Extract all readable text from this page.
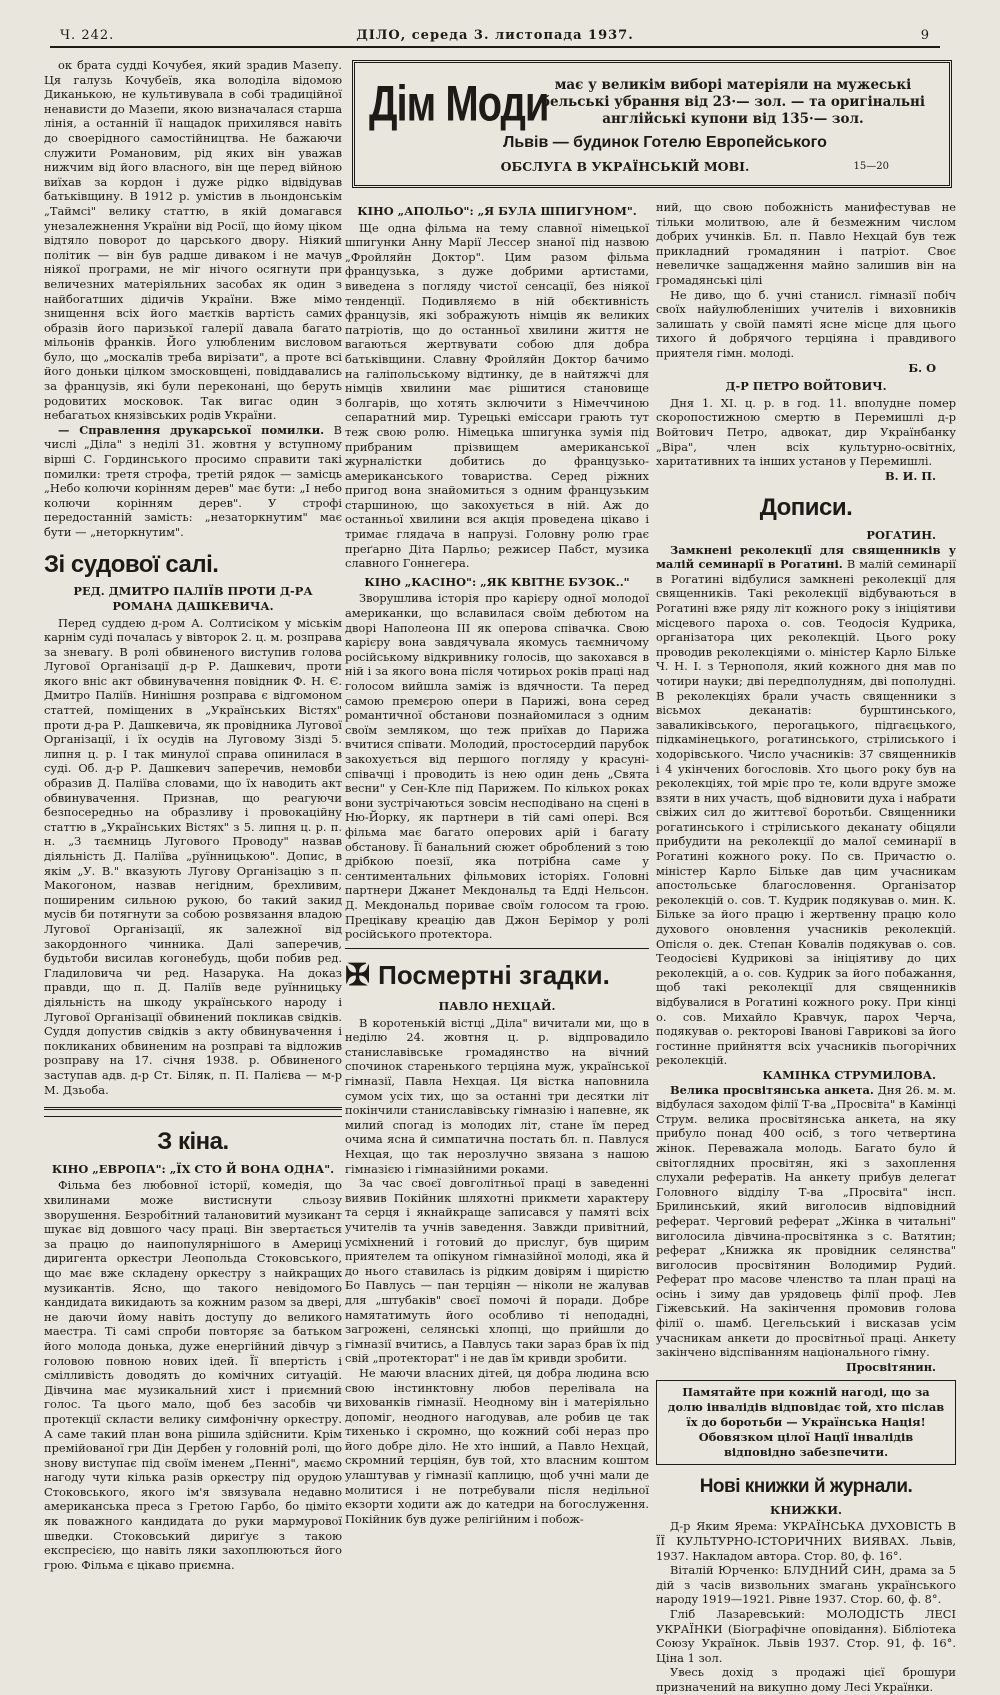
Ч. 242.	ДІЛО, середа 3. листопада 1937.	9
Дім Моди має у великім виборі матеріяли на мужеські бельські убрання від 23·— зол. — та оригінальні англійські купони від 135·— зол.
Львів — будинок Готелю Европейського
ОБСЛУГА В УКРАЇНСЬКІЙ МОВІ.	15—20

ок брата судді Кочубея, який зрадив Мазепу. Ця галузь Кочубеїв, яка володіла відомою Диканькою, не культивувала в собі традиційної ненависти до Мазепи, якою визначалася старша лінія, а останній її нащадок прихилявся навіть до своерідного самостійництва. Не бажаючи служити Романовим, рід яких він уважав нижчим від його власного, він ще перед війною виїхав за кордон і дуже рідко відвідував батьківщину. В 1912 р. умістив в льондонськім „Таймсі" велику статтю, в якій домагався унезалежнення України від Росії, що йому ціком відтяло поворот до царського двору. Ніякий політик — він був радше диваком і не мачув ніякої програми, не міг нічого осягнути при величезних матеріяльних засобах як один з найбогатших дідичів України. Вже мімо знищення всіх його маєтків вартість самих образів його паризької галерії давала багато мільонів франків. Його улюбленим висловом було, що „москалів треба вирізати", а проте всі його доньки цілком змосковщені, повіддавались за французів, які були переконані, що беруть родовитих московок. Так вигас один з небагатьох князівських родів України.

— Справлення друкарської помилки. В числі „Діла" з неділі 31. жовтня у вступному вірші С. Гординського просимо справити такі помилки: третя строфа, третій рядок — замісць „Небо колючи корінням дерев" має бути: „І небо колючи корінням дерев". У строфі передостанній замість: „незаторкнутим" має бути — „неторкнутим".

Зі судової салі.
РЕД. ДМИТРО ПАЛІЇВ ПРОТИ Д-РА РОМАНА ДАШКЕВИЧА.

Перед суддею д-ром А. Солтисіком у міськім карнім суді почалась у вівторок 2. ц. м. розправа за зневагу. В ролі обвиненого виступив голова Лугової Організації д-р Р. Дашкевич, проти якого вніс акт обвинувачення повідник Ф. Н. Є. Дмитро Паліїв. Нинішня розправа є відгомоном статтей, поміщених в „Українських Вістях" проти д-ра Р. Дашкевича, як провідника Лугової Організації, і їх осудів на Луговому Зізді 5. липня ц. р. І так минулої справа опинилася в суді. Об. д-р Р. Дашкевич заперечив, немовби образив Д. Паліїва словами, що їх наводить акт обвинувачення. Признав, що реагуючи безпосередньо на образливу і провокаційну статтю в „Українських Вістях" з 5. липня ц. р. п. н. „З таємниць Лугового Проводу" назвав діяльність Д. Паліїва „руїнницькою". Допис, в якім „У. В." вказують Лугову Організацію з п. Макогоном, назвав негідним, брехливим, поширеним сильною рукою, бо такий закид мусів би потягнути за собою розвязання владою Лугової Організації, як залежної від закордонного чинника. Далі заперечив, будьтоби висилав когонебудь, щоби побив ред. Гладиловича чи ред. Назарука. На доказ правди, що п. Д. Паліїв веде руїнницьку діяльність на шкоду українського народу і Лугової Організації обвинений покликав свідків. Суддя допустив свідків з акту обвинувачення і покликаних обвиненим на розправі та відложив розправу на 17. січня 1938. р. Обвиненого заступав адв. д-р Ст. Біляк, п. П. Палієва — м-р М. Дзьоба.

З кіна.
КІНО „ЕВРОПА": „ЇХ СТО Й ВОНА ОДНА".

Фільма без любовної історії, комедія, що хвилинами може вистиснути сльозу зворушення. Безробітний талановитий музикант шукає від довшого часу праці. Він звертається за працю до наипопулярнішого в Америці диригента оркестри Леопольда Стоковського, що має вже складену оркестру з найкращих музикантів. Ясно, що такого невідомого кандидата викидають за кожним разом за двері, не даючи йому навіть доступу до великого маестра. Ті самі спроби повторяє за батьком його молода донька, дуже енергійний дівчур з головою повною нових ідей. Її впертість і смілливість доводять до комічних ситуацій. Дівчина має музикальний хист і приємний голос. Та цього мало, щоб без засобів чи протекції скласти велику симфонічну оркестру. А саме такий план вона рішила здійснити. Крім премійованої гри Дін Дербен у головній ролі, що знову виступає під своїм іменем „Пенні", маємо нагоду чути кілька разів оркестру під орудою Стоковського, якого ім'я звязувала недавно американська преса з Гретою Гарбо, бо ціміто як поважного кандидата до руки мармурової шведки. Стоковський дириґує з такою експресією, що навіть ляки захоплюються його грою. Фільма є цікаво приємна.

КІНО „АПОЛЬО": „Я БУЛА ШПИГУНОМ".

Ще одна фільма на тему славної німецької шпигунки Анну Марії Лессер знаної під назвою „Фройляйн Доктор". Цим разом фільма французька, з дуже добрими артистами, виведена з погляду чистої сенсації, без ніякої тенденції. Подивляємо в ній обєктивність французів, які зображують німців як великих патріотів, що до останньої хвилини життя не вагаються жертвувати собою для добра батьківщини. Славну Фройляйн Доктор бачимо на галіпольському відтинку, де в найтяжчі для німців хвилини має рішитися становище болгарів, що хотять зключити з Німеччиною сепаратний мир. Турецькі еміссари грають тут теж свою ролю. Німецька шпигунка зумія під прибраним прізвищем американської журналістки добитись до французько-американського товариства. Серед ріжних пригод вона знайомиться з одним французьким старшиною, що закохується в ній. Аж до останньої хвилини вся акція проведена цікаво і тримає глядача в напрузі. Головну ролю грає преґарно Діта Парльо; режисер Пабст, музика славного Гоннегера.

КІНО „КАСІНО": „ЯК КВІТНЕ БУЗОК.."

Зворушлива історія про карієру одної молодої американки, що вславилася своїм дебютом на дворі Наполеона ІІІ як оперова співачка. Свою карієру вона завдячувала якомусь таємничому російському відкривнику голосів, що закохався в ній і за якого вона після чотирьох років праці над голосом вийшла заміж із вдячности. Та перед самою премєрою опери в Парижі, вона серед романтичної обстанови познайомилася з одним своїм земляком, що теж приїхав до Парижа вчитися співати. Молодий, простосердий парубок закохується від першого погляду у красуні-співачці і проводить із нею один день „Свята весни" у Сен-Кле під Парижем. По кількох роках вони зустрічаються зовсім несподівано на сцені в Ню-Йорку, як партнери в тій самі опері. Вся фільма має багато оперових арій і багату обстанову. Її банальний сюжет оброблений з тою дрібкою поезії, яка потрібна саме у сентиментальних фільмових історіях. Головні партнери Джанет Мекдональд та Едді Нельсон. Д. Мекдональд поривае своїм голосом та грою. Прецікаву креацію дав Джон Берімор у ролі російського протектора.

✠ Посмертні згадки.
ПАВЛО НЕХЦАЙ.

В коротенькій вістці „Діла" вичитали ми, що в неділю 24. жовтня ц. р. відпровадило станиславівське громадянство на вічний спочинок старенького терціяна муж, української гімназії, Павла Нехцая. Ця вістка наповнила сумом усіх тих, що за останні три десятки літ покінчили станиславівську гімназію і напевне, як милий спогад із молодих літ, стане їм перед очима ясна й симпатична постать бл. п. Павлуся Нехцая, що так нерозлучно звязана з нашою гімназією і гімназійними роками.

За час своєї довголітньої праці в заведенні виявив Покійник шляхотні прикмети характеру та серця і якнайкраще записався у памяті всіх учителів та учнів заведення. Завжди привітний, усміхнений і готовий до прислуг, був щирим приятелем та опікуном гімназійної молоді, яка й до нього ставилась із рідким довірям і щирістю Бо Павлусь — пан терціян — ніколи не жалував для „штубаків" своєї помочі й поради. Добре намятатимуть його особливо ті неподадні, загрожені, селянські хлопці, що прийшли до гімназії вчитись, а Павлусь таки зараз брав їх під свій „протекторат" і не дав їм кривди зробити.

Не маючи власних дітей, ця добра людина всю свою інстинктовну любов перелівала на вихованків гімназії. Неодному він і матеріяльно допоміг, неодного нагодував, але робив це так тихенько і скромно, що кожний собі нераз про його добре діло. Не хто інший, а Павло Нехцай, скромний терціян, був той, хто власним коштом улаштував у гімназії каплицю, щоб учні мали де молитися і не потребували після недільної екзорти ходити аж до катедри на богослуження. Покійник був дуже релігійним і побож-

ний, що свою побожність манифестував не тільки молитвою, але й безмежним числом добрих учинків. Бл. п. Павло Нехцай був теж прикладний громадянин і патріот. Своє невеличке защадження майно залишив він на громадянські цілі

Не диво, що б. учні станисл. гімназії побіч своїх найулюбленіших учителів і виховників залишать у своїй памяті ясне місце для цього тихого й добрячого терціяна і правдивого приятеля гімн. молоді.

Б. О
Д-Р ПЕТРО ВОЙТОВИЧ.

Дня 1. XI. ц. р. в год. 11. вполудне помер скоропостижною смертю в Перемишлі д-р Войтович Петро, адвокат, дир Українбанку „Віра", член всіх культурно-освітніх, харитативних та інших установ у Перемишлі.

В. И. П.
Дописи.
РОГАТИН.

Замкнені реколекції для священників у малій семинарії в Рогатині. В малій семинарії в Рогатині відбулися замкнені реколекції для священників. Такі реколекції відбуваються в Рогатині вже ряду літ кожного року з ініціятиви місцевого пароха о. сов. Теодосія Кудрика, організатора цих реколекцій. Цього року проводив реколекціями о. міністер Карло Більке Ч. Н. І. з Тернополя, який кожного дня мав по чотири науки; дві передполудням, дві пополудні. В реколекціях брали участь священники з вісьмох деканатів: бурштинського, заваликівського, перогацького, підгаєцького, підкамінецького, рогатинського, стрілиського і ходорівського. Число учасників: 37 священників і 4 укінчених богословів. Хто цього року був на реколекціях, той мріє про те, коли вдруге зможе взяти в них участь, щоб відновити духа і набрати свіжих сил до життєвої боротьби. Священники рогатинського і стрілиського деканату обіцяли прибудити на реколекції до малої семинарії в Рогатині кожного року. По св. Причастю о. міністер Карло Більке дав цим учасникам апостольське благословення. Організатор реколекцій о. сов. Т. Кудрик подякував о. мин. К. Більке за його працю і жертвенну працю коло духового оновлення учасників реколекцій. Опісля о. дек. Степан Ковалів подякував о. сов. Теодосієві Кудрикові за ініціятиву до цих реколекцій, а о. сов. Кудрик за його побажання, щоб такі реколекції для священників відбувалися в Рогатині кожного року. При кінці о. сов. Михайло Кравчук, парох Черча, подякував о. ректорові Іванові Гаврикові за його гостинне прийняття всіх учасників пьогорічних реколекцій.

КАМІНКА СТРУМИЛОВА.

Велика просвітянська анкета. Дня 26. м. м. відбулася заходом філії Т-ва „Просвіта" в Камінці Струм. велика просвітянська анкета, на яку прибуло понад 400 осіб, з того четвертина жінок. Переважала молодь. Багато було й світоглядних просвітян, які з захоплення слухали рефератів. На анкету прибув делегат Головного відділу Т-ва „Просвіта" інсп. Брилинський, який виголосив відповідний реферат. Черговий реферат „Жінка в читальні" виголосила дівчина-просвітянка з с. Ватятин; реферат „Книжка як провідник селянства" виголосив просвітянин Володимир Рудий. Реферат про масове членство та план праці на осінь і зиму дав урядовець філії проф. Лев Гіжевський. На закінчення промовив голова філії о. шамб. Цегельський і висказав усім учасникам анкети до просвітньої праці. Анкету закінчено відспіванням національного гімну.

Просвітянин.
Памятайте при кожній нагоді, що за долю інвалідів відповідає той, хто післав їх до боротьби — Українська Нація! Обовязком цілої Нації інвалідів відповідно забезпечити.
Нові книжки й журнали.
КНИЖКИ.

Д-р Яким Ярема: УКРАЇНСЬКА ДУХОВІСТЬ В ЇЇ КУЛЬТУРНО-ІСТОРИЧНИХ ВИЯВАХ. Львів, 1937. Накладом автора. Стор. 80, ф. 16°.

Віталій Юрченко: БЛУДНИЙ СИН, драма за 5 дій з часів визвольних змагань українського народу 1919—1921. Рівне 1937. Стор. 60, ф. 8°.

Гліб Лазаревський: МОЛОДІСТЬ ЛЕСІ УКРАЇНКИ (Біографічне оповідання). Бібліотека Союзу Українок. Львів 1937. Стор. 91, ф. 16°. Ціна 1 зол.

Увесь дохід з продажі цієї брошури призначений на викупно дому Лесі Українки.
